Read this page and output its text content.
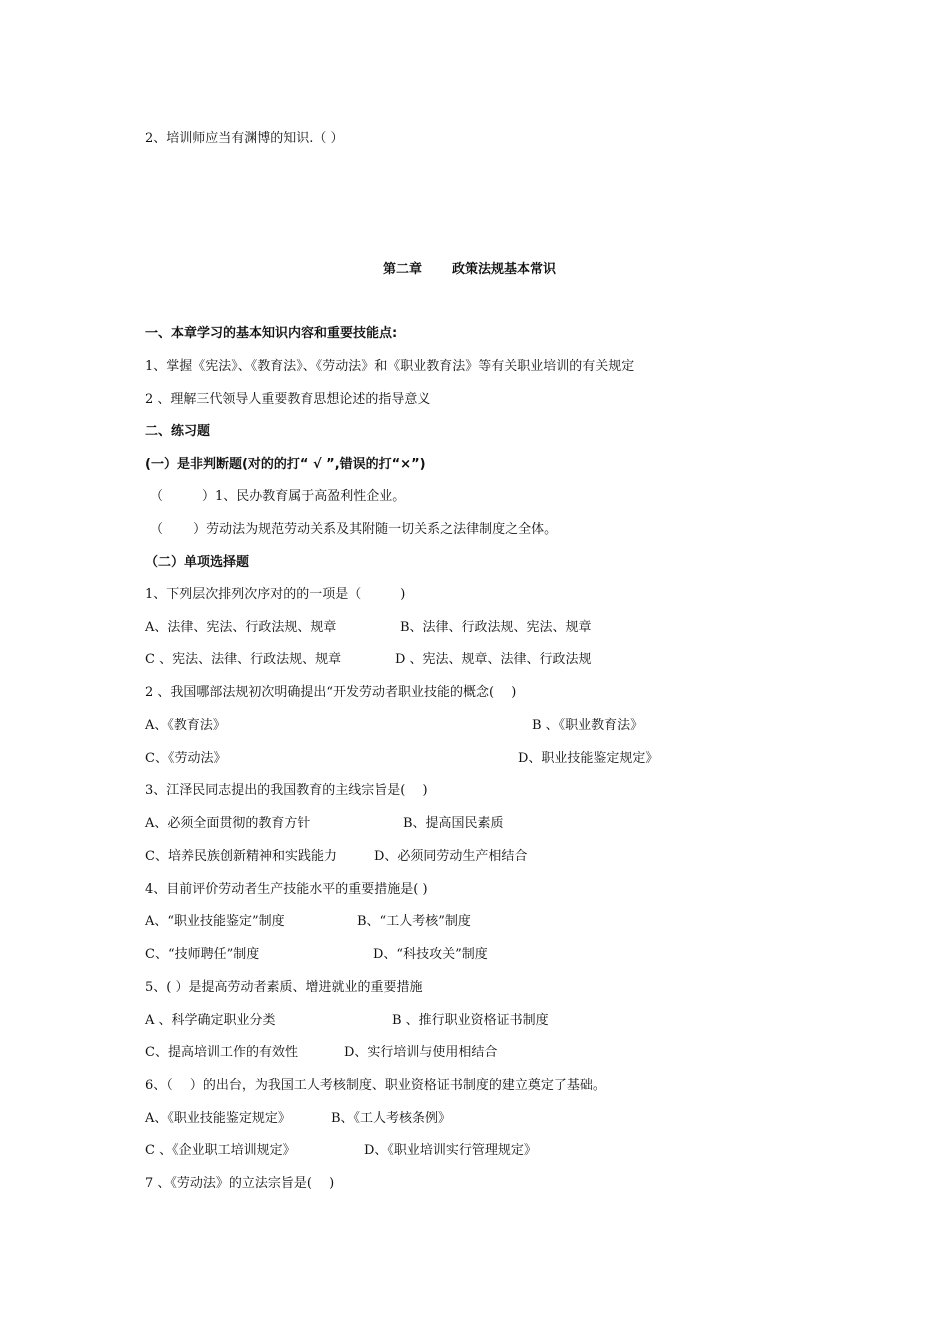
2、培训师应当有渊博的知识.（ ）
第二章 政策法规基本常识
一、本章学习的基本知识内容和重要技能点:
1、掌握《宪法》、《教育法》、《劳动法》和《职业教育法》等有关职业培训的有关规定
2 、理解三代领导人重要教育思想论述的指导意义
二、练习题
(一）是非判断题(对的的打“ √ ”,错误的打“×”)
（　　　）1、民办教育属于高盈利性企业。
（　　 ）劳动法为规范劳动关系及其附随一切关系之法律制度之全体。
（二）单项选择题
1、下列层次排列次序对的的一项是（　　　)
A、法律、宪法、行政法规、规章	B、法律、行政法规、宪法、规章
C 、宪法、法律、行政法规、规章	D 、宪法、规章、法律、行政法规
2 、我国哪部法规初次明确提出“开发劳动者职业技能的概念(　 )
A、《教育法》	B 、《职业教育法》
C、《劳动法》	D、职业技能鉴定规定》
3、江泽民同志提出的我国教育的主线宗旨是(　 )
A、必须全面贯彻的教育方针	B、提高国民素质
C、培养民族创新精神和实践能力	D、必须同劳动生产相结合
4、目前评价劳动者生产技能水平的重要措施是( )
A、“职业技能鉴定”制度	B、“工人考核”制度
C、“技师聘任”制度	D、“科技攻关”制度
5、( ）是提高劳动者素质、增进就业的重要措施
A 、科学确定职业分类	B 、推行职业资格证书制度
C、提高培训工作的有效性	D、实行培训与使用相结合
6、（　 ）的出台，为我国工人考核制度、职业资格证书制度的建立奠定了基础。
A、《职业技能鉴定规定》	B、《工人考核条例》
C 、《企业职工培训规定》	D、《职业培训实行管理规定》
7 、《劳动法》的立法宗旨是(　 )
